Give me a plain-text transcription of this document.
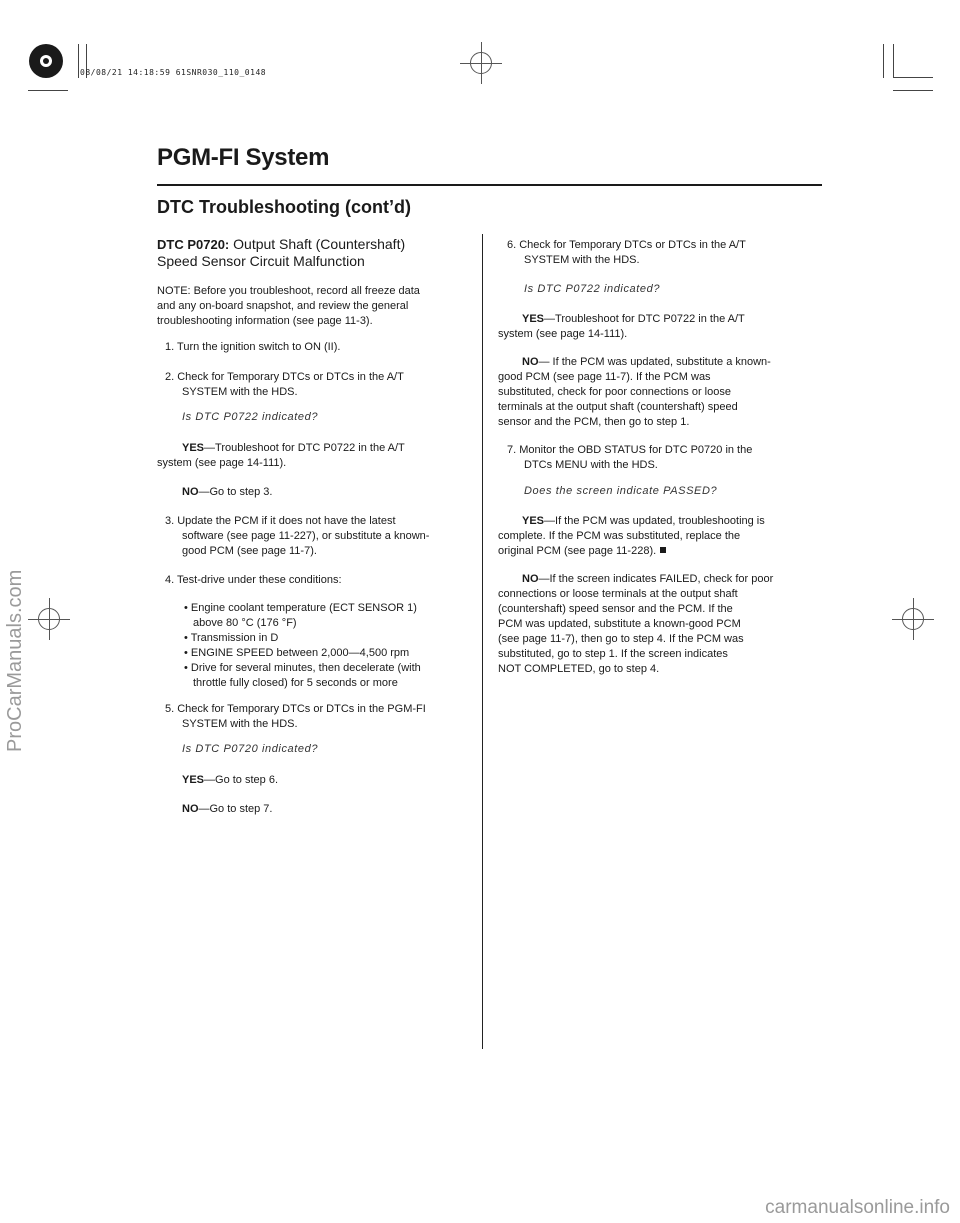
08/08/21 14:18:59 61SNR030_110_0148
ProCarManuals.com
carmanualsonline.info
PGM-FI System
DTC Troubleshooting (cont’d)
DTC P0720: Output Shaft (Countershaft)
Speed Sensor Circuit Malfunction
NOTE: Before you troubleshoot, record all freeze data
and any on-board snapshot, and review the general
troubleshooting information (see page 11-3).
1. Turn the ignition switch to ON (II).
2. Check for Temporary DTCs or DTCs in the A/T
SYSTEM with the HDS.
Is DTC P0722 indicated?
YES—Troubleshoot for DTC P0722 in the A/T
system (see page 14-111).
NO—Go to step 3.
3. Update the PCM if it does not have the latest
software (see page 11-227), or substitute a known-
good PCM (see page 11-7).
4. Test-drive under these conditions:
• Engine coolant temperature (ECT SENSOR 1)
above 80 °C (176 °F)
• Transmission in D
• ENGINE SPEED between 2,000—4,500 rpm
• Drive for several minutes, then decelerate (with
throttle fully closed) for 5 seconds or more
5. Check for Temporary DTCs or DTCs in the PGM-FI
SYSTEM with the HDS.
Is DTC P0720 indicated?
YES—Go to step 6.
NO—Go to step 7.
6. Check for Temporary DTCs or DTCs in the A/T
SYSTEM with the HDS.
Is DTC P0722 indicated?
YES—Troubleshoot for DTC P0722 in the A/T
system (see page 14-111).
NO— If the PCM was updated, substitute a known-
good PCM (see page 11-7). If the PCM was
substituted, check for poor connections or loose
terminals at the output shaft (countershaft) speed
sensor and the PCM, then go to step 1.
7. Monitor the OBD STATUS for DTC P0720 in the
DTCs MENU with the HDS.
Does the screen indicate PASSED?
YES—If the PCM was updated, troubleshooting is
complete. If the PCM was substituted, replace the
original PCM (see page 11-228).
NO—If the screen indicates FAILED, check for poor
connections or loose terminals at the output shaft
(countershaft) speed sensor and the PCM. If the
PCM was updated, substitute a known-good PCM
(see page 11-7), then go to step 4. If the PCM was
substituted, go to step 1. If the screen indicates
NOT COMPLETED, go to step 4.
